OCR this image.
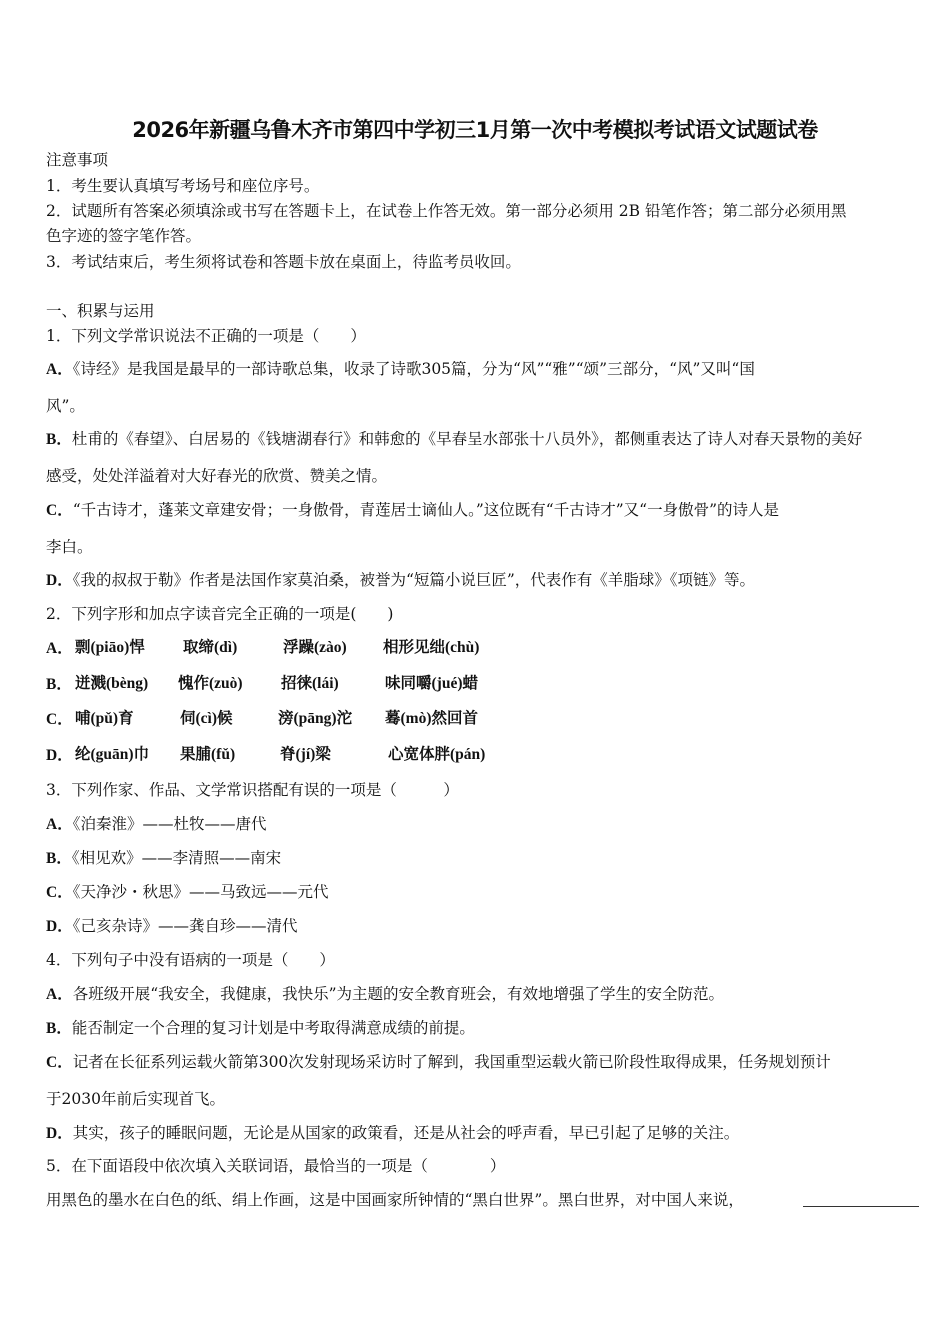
2026年新疆乌鲁木齐市第四中学初三1月第一次中考模拟考试语文试题试卷
注意事项
1．考生要认真填写考场号和座位序号。
2．试题所有答案必须填涂或书写在答题卡上，在试卷上作答无效。第一部分必须用 2B 铅笔作答；第二部分必须用黑
色字迹的签字笔作答。
3．考试结束后，考生须将试卷和答题卡放在桌面上，待监考员收回。
一、积累与运用
1．下列文学常识说法不正确的一项是（　　）
A．《诗经》是我国是最早的一部诗歌总集，收录了诗歌305篇，分为“风”“雅”“颂”三部分，“风”又叫“国
风”。
B．杜甫的《春望》、白居易的《钱塘湖春行》和韩愈的《早春呈水部张十八员外》，都侧重表达了诗人对春天景物的美好
感受，处处洋溢着对大好春光的欣赏、赞美之情。
C．“千古诗才，蓬莱文章建安骨；一身傲骨，青莲居士谪仙人。”这位既有“千古诗才”又“一身傲骨”的诗人是
李白。
D．《我的叔叔于勒》作者是法国作家莫泊桑，被誉为“短篇小说巨匠”，代表作有《羊脂球》《项链》等。
2．下列字形和加点字读音完全正确的一项是(　　)
A． 剽(piāo)悍 取缔(dì)	浮躁(zào) 相形见绌(chù)
B． 迸溅(bèng) 愧作(zuò) 招徕(lái)	味同嚼(jué)蜡
C． 哺(pǔ)育	伺(cì)候	滂(pāng)沱 蓦(mò)然回首
D． 纶(guān)巾 果脯(fǔ)	脊(jí)梁	心宽体胖(pán)
3．下列作家、作品、文学常识搭配有误的一项是（　　　）
A．《泊秦淮》——杜牧——唐代
B．《相见欢》——李清照——南宋
C．《天净沙・秋思》——马致远——元代
D．《己亥杂诗》——龚自珍——清代
4．下列句子中没有语病的一项是（　　）
A．各班级开展“我安全，我健康，我快乐”为主题的安全教育班会，有效地增强了学生的安全防范。
B．能否制定一个合理的复习计划是中考取得满意成绩的前提。
C．记者在长征系列运载火箭第300次发射现场采访时了解到，我国重型运载火箭已阶段性取得成果，任务规划预计
于2030年前后实现首飞。
D．其实，孩子的睡眠问题，无论是从国家的政策看，还是从社会的呼声看，早已引起了足够的关注。
5．在下面语段中依次填入关联词语，最恰当的一项是（　　　　）
用黑色的墨水在白色的纸、绢上作画，这是中国画家所钟情的“黑白世界”。黑白世界，对中国人来说，
